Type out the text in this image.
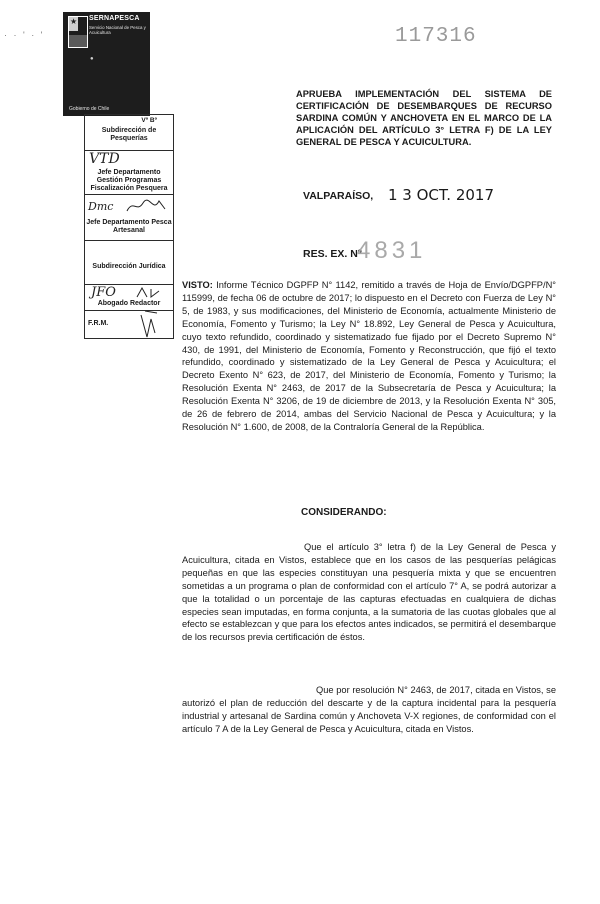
· · ' · '
★ SERNAPESCA
Servicio Nacional de Pesca y Acuicultura
●
Gobierno de Chile
117316
APRUEBA IMPLEMENTACIÓN DEL SISTEMA DE CERTIFICACIÓN DE DESEMBARQUES DE RECURSO SARDINA COMÚN Y ANCHOVETA EN EL MARCO DE LA APLICACIÓN DEL ARTÍCULO 3° LETRA F) DE LA LEY GENERAL DE PESCA Y ACUICULTURA.
Vº Bº
Subdirección de Pesquerías
VTD
Jefe Departamento Gestión Programas Fiscalización Pesquera
Dmc
Jefe Departamento Pesca Artesanal
Subdirección Jurídica
JFO
Abogado Redactor
F.R.M.
VALPARAÍSO, 1 3 OCT. 2017
RES. EX. Nº
4831
VISTO: Informe Técnico DGPFP N° 1142, remitido a través de Hoja de Envío/DGPFP/N° 115999, de fecha 06 de octubre de 2017; lo dispuesto en el Decreto con Fuerza de Ley N° 5, de 1983, y sus modificaciones, del Ministerio de Economía, actualmente Ministerio de Economía, Fomento y Turismo; la Ley N° 18.892, Ley General de Pesca y Acuicultura, cuyo texto refundido, coordinado y sistematizado fue fijado por el Decreto Supremo N° 430, de 1991, del Ministerio de Economía, Fomento y Reconstrucción, que fijó el texto refundido, coordinado y sistematizado de la Ley General de Pesca y Acuicultura; el Decreto Exento N° 623, de 2017, del Ministerio de Economía, Fomento y Turismo; la Resolución Exenta N° 2463, de 2017 de la Subsecretaría de Pesca y Acuicultura; la Resolución Exenta N° 3206, de 19 de diciembre de 2013, y la Resolución Exenta N° 305, de 26 de febrero de 2014, ambas del Servicio Nacional de Pesca y Acuicultura; y la Resolución N° 1.600, de 2008, de la Contraloría General de la República.
CONSIDERANDO:
Que el artículo 3° letra f) de la Ley General de Pesca y Acuicultura, citada en Vistos, establece que en los casos de las pesquerías pelágicas pequeñas en que las especies constituyan una pesquería mixta y que se encuentren sometidas a un programa o plan de conformidad con el artículo 7° A, se podrá autorizar a que la totalidad o un porcentaje de las capturas efectuadas en cualquiera de dichas especies sean imputadas, en forma conjunta, a la sumatoria de las cuotas globales que al efecto se establezcan y que para los efectos antes indicados, se permitirá el desembarque de los recursos previa certificación de éstos.
Que por resolución N° 2463, de 2017, citada en Vistos, se autorizó el plan de reducción del descarte y de la captura incidental para la pesquería industrial y artesanal de Sardina común y Anchoveta V-X regiones, de conformidad con el artículo 7 A de la Ley General de Pesca y Acuicultura, citada en Vistos.
